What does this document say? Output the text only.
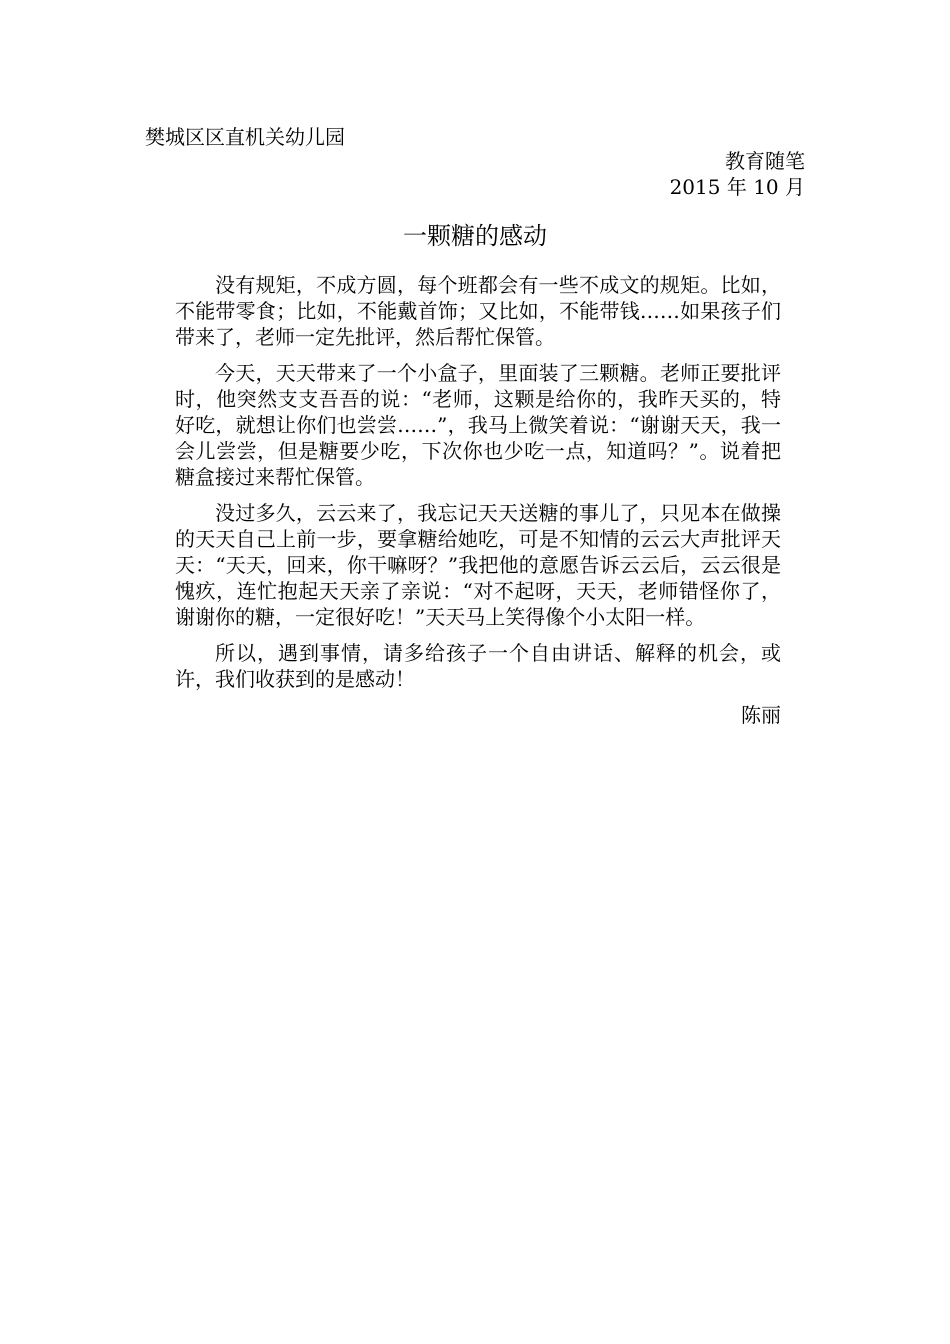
樊城区区直机关幼儿园
教育随笔
2015 年 10 月
一颗糖的感动

没有规矩，不成方圆，每个班都会有一些不成文的规矩。比如，不能带零食；比如，不能戴首饰；又比如，不能带钱……如果孩子们带来了，老师一定先批评，然后帮忙保管。

今天，天天带来了一个小盒子，里面装了三颗糖。老师正要批评时，他突然支支吾吾的说：“老师，这颗是给你的，我昨天买的，特好吃，就想让你们也尝尝……”，我马上微笑着说：“谢谢天天，我一会儿尝尝，但是糖要少吃，下次你也少吃一点，知道吗？”。说着把糖盒接过来帮忙保管。

没过多久，云云来了，我忘记天天送糖的事儿了，只见本在做操的天天自己上前一步，要拿糖给她吃，可是不知情的云云大声批评天天：“天天，回来，你干嘛呀？”我把他的意愿告诉云云后，云云很是愧疚，连忙抱起天天亲了亲说：“对不起呀，天天，老师错怪你了，谢谢你的糖，一定很好吃！”天天马上笑得像个小太阳一样。

所以，遇到事情，请多给孩子一个自由讲话、解释的机会，或许，我们收获到的是感动！

陈丽
